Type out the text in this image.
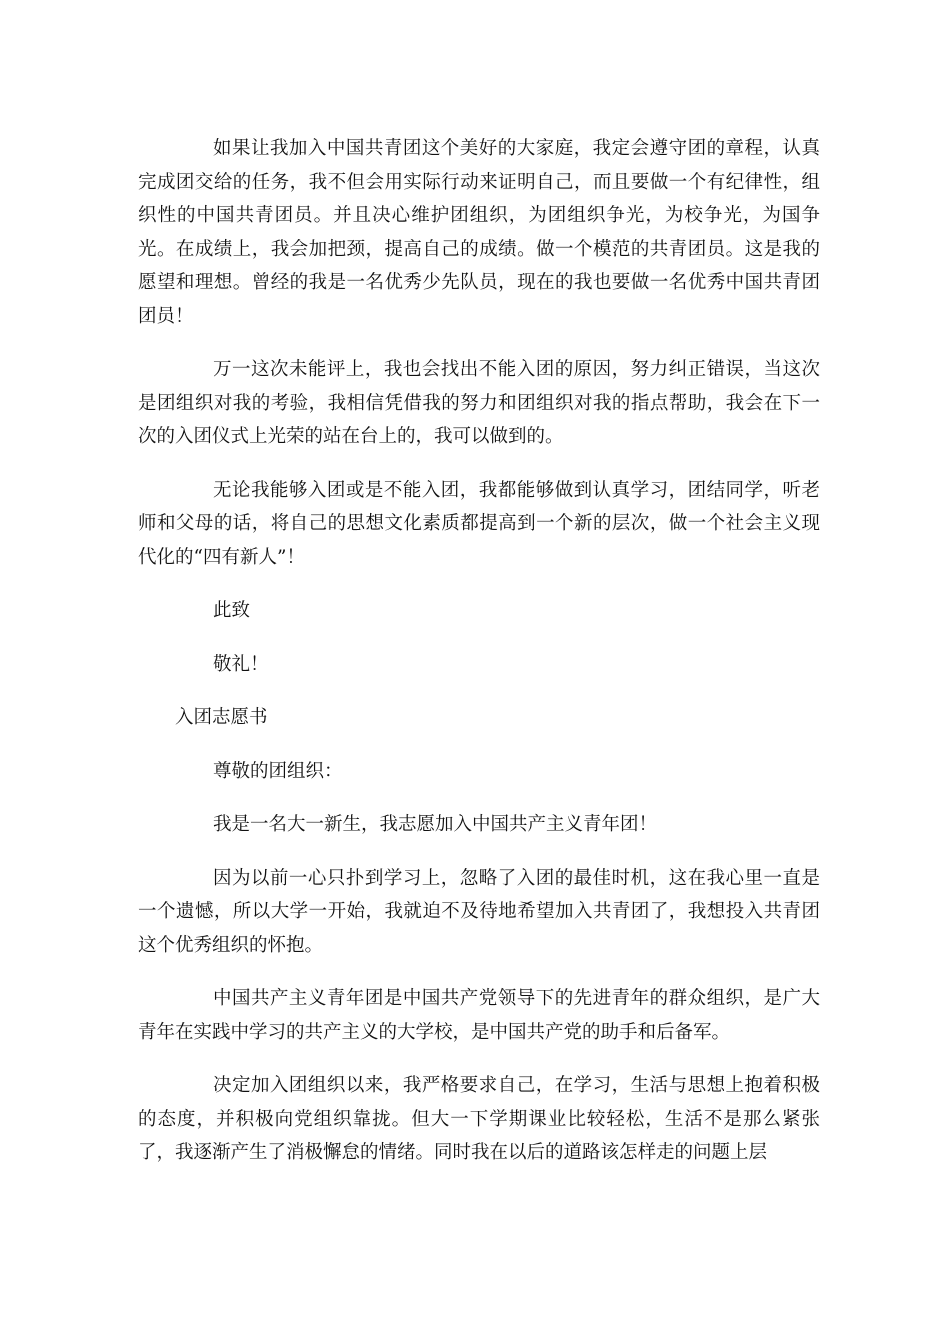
如果让我加入中国共青团这个美好的大家庭，我定会遵守团的章程，认真完成团交给的任务，我不但会用实际行动来证明自己，而且要做一个有纪律性，组织性的中国共青团员。并且决心维护团组织，为团组织争光，为校争光，为国争光。在成绩上，我会加把颈，提高自己的成绩。做一个模范的共青团员。这是我的愿望和理想。曾经的我是一名优秀少先队员，现在的我也要做一名优秀中国共青团团员！

万一这次未能评上，我也会找出不能入团的原因，努力纠正错误，当这次是团组织对我的考验，我相信凭借我的努力和团组织对我的指点帮助，我会在下一次的入团仪式上光荣的站在台上的，我可以做到的。

无论我能够入团或是不能入团，我都能够做到认真学习，团结同学，听老师和父母的话，将自己的思想文化素质都提高到一个新的层次，做一个社会主义现代化的“四有新人”！

此致

敬礼！

入团志愿书

尊敬的团组织：

我是一名大一新生，我志愿加入中国共产主义青年团！

因为以前一心只扑到学习上，忽略了入团的最佳时机，这在我心里一直是一个遗憾，所以大学一开始，我就迫不及待地希望加入共青团了，我想投入共青团这个优秀组织的怀抱。

中国共产主义青年团是中国共产党领导下的先进青年的群众组织，是广大青年在实践中学习的共产主义的大学校，是中国共产党的助手和后备军。

决定加入团组织以来，我严格要求自己，在学习，生活与思想上抱着积极的态度，并积极向党组织靠拢。但大一下学期课业比较轻松，生活不是那么紧张了，我逐渐产生了消极懈怠的情绪。同时我在以后的道路该怎样走的问题上层
